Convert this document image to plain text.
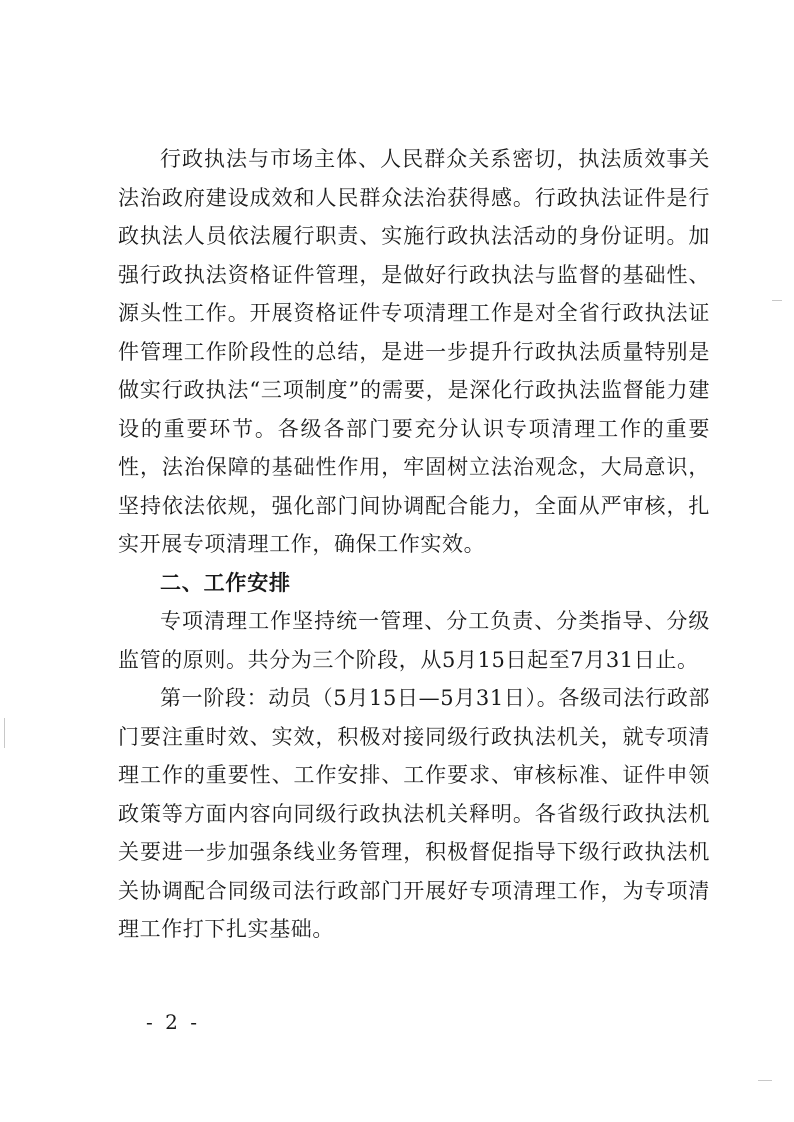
行政执法与市场主体、人民群众关系密切，执法质效事关法治政府建设成效和人民群众法治获得感。行政执法证件是行政执法人员依法履行职责、实施行政执法活动的身份证明。加强行政执法资格证件管理，是做好行政执法与监督的基础性、源头性工作。开展资格证件专项清理工作是对全省行政执法证件管理工作阶段性的总结，是进一步提升行政执法质量特别是做实行政执法“三项制度”的需要，是深化行政执法监督能力建设的重要环节。各级各部门要充分认识专项清理工作的重要性，法治保障的基础性作用，牢固树立法治观念，大局意识，坚持依法依规，强化部门间协调配合能力，全面从严审核，扎实开展专项清理工作，确保工作实效。

二、工作安排

专项清理工作坚持统一管理、分工负责、分类指导、分级监管的原则。共分为三个阶段，从5月15日起至7月31日止。

第一阶段：动员（5月15日—5月31日）。各级司法行政部门要注重时效、实效，积极对接同级行政执法机关，就专项清理工作的重要性、工作安排、工作要求、审核标准、证件申领政策等方面内容向同级行政执法机关释明。各省级行政执法机关要进一步加强条线业务管理，积极督促指导下级行政执法机关协调配合同级司法行政部门开展好专项清理工作，为专项清理工作打下扎实基础。

- 2 -
